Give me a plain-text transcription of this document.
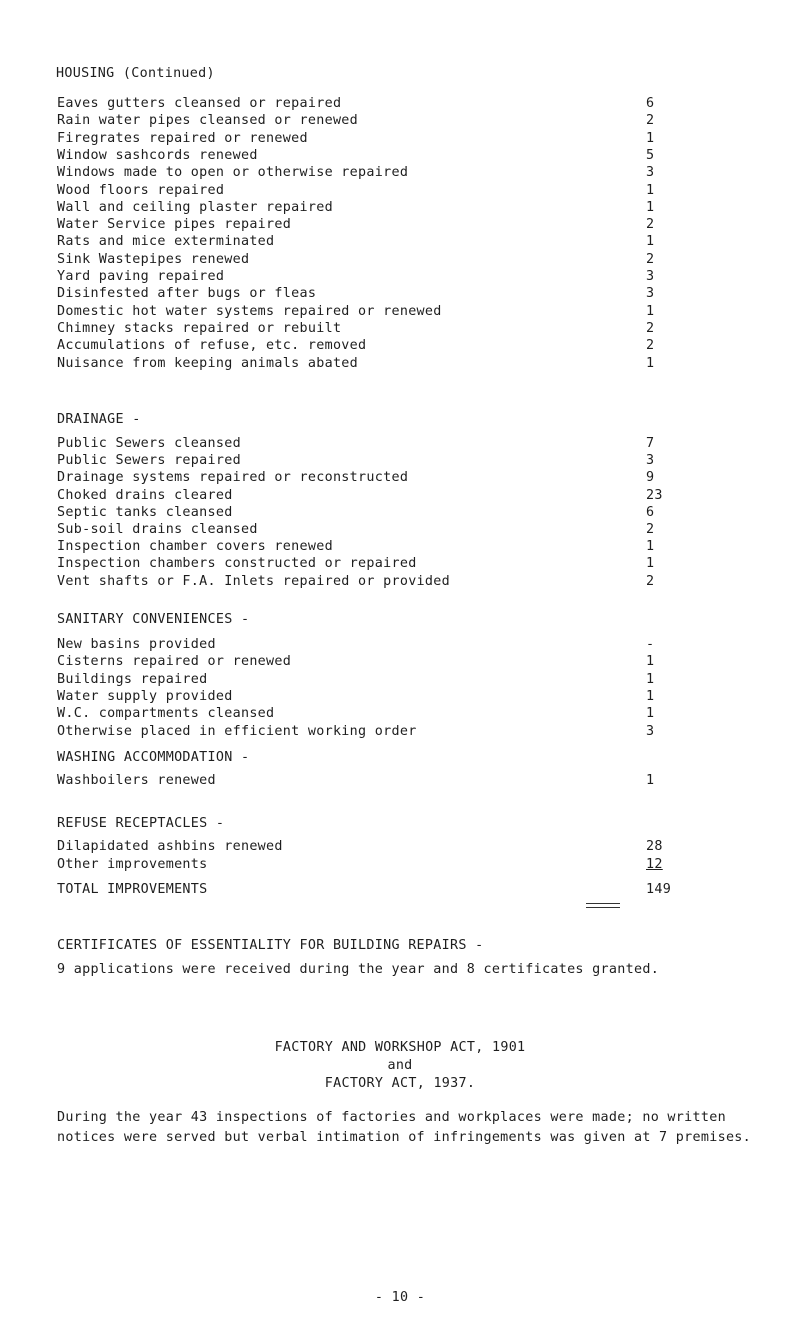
HOUSING (Continued)
Eaves gutters cleansed or repaired	6
Rain water pipes cleansed or renewed	2
Firegrates repaired or renewed	1
Window sashcords renewed	5
Windows made to open or otherwise repaired	3
Wood floors repaired	1
Wall and ceiling plaster repaired	1
Water Service pipes repaired	2
Rats and mice exterminated	1
Sink Wastepipes renewed	2
Yard paving repaired	3
Disinfested after bugs or fleas	3
Domestic hot water systems repaired or renewed	1
Chimney stacks repaired or rebuilt	2
Accumulations of refuse, etc. removed	2
Nuisance from keeping animals abated	1
DRAINAGE -
Public Sewers cleansed	7
Public Sewers repaired	3
Drainage systems repaired or reconstructed	9
Choked drains cleared	23
Septic tanks cleansed	6
Sub-soil drains cleansed	2
Inspection chamber covers renewed	1
Inspection chambers constructed or repaired	1
Vent shafts or F.A. Inlets repaired or provided	2
SANITARY CONVENIENCES -
New basins provided	-
Cisterns repaired or renewed	1
Buildings repaired	1
Water supply provided	1
W.C. compartments cleansed	1
Otherwise placed in efficient working order	3
WASHING ACCOMMODATION -
Washboilers renewed	1
REFUSE RECEPTACLES -
Dilapidated ashbins renewed	28
Other improvements	12

TOTAL IMPROVEMENTS	149
CERTIFICATES OF ESSENTIALITY FOR BUILDING REPAIRS -
9 applications were received during the year and 8 certificates granted.
FACTORY AND WORKSHOP ACT, 1901
and
FACTORY ACT, 1937.
During the year 43 inspections of factories and workplaces were made; no written notices were served but verbal intimation of infringements was given at 7 premises.
- 10 -
